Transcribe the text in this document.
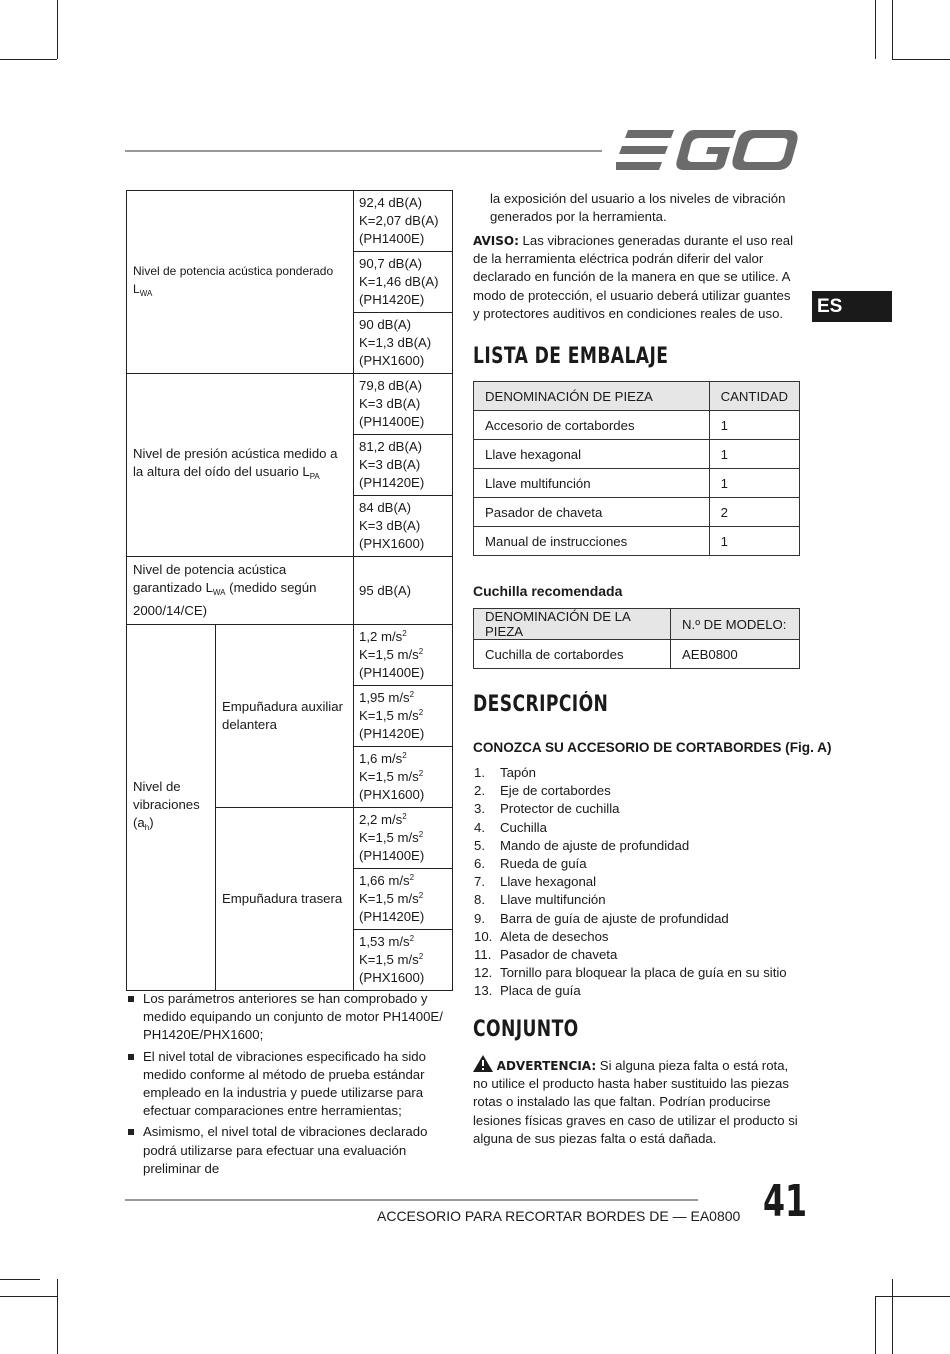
ES
Nivel de potencia acústica ponderado $L_{WA}$		92,4 dB(A)
K=2,07 dB(A)
(PH1400E)

		90,7 dB(A)
K=1,46 dB(A)
(PH1420E)

		90 dB(A)
K=1,3 dB(A)
(PHX1600)

Nivel de presión acústica medido a la altura del oído del usuario $L_{PA}$		79,8 dB(A)
K=3 dB(A)
(PH1400E)

		81,2 dB(A)
K=3 dB(A)
(PH1420E)

		84 dB(A)
K=3 dB(A)
(PHX1600)

Nivel de potencia acústica garantizado $L_{WA}$ (medido según 2000/14/CE)		95 dB(A)
Nivel de vibraciones $(a_h)$	Empuñadura auxiliar delantera	1,2 $m/s^2$
K=1,5 $m/s^2$
(PH1400E)

		1,95 $m/s^2$
K=1,5 $m/s^2$
(PH1420E)

		1,6 $m/s^2$
K=1,5 $m/s^2$
(PHX1600)

	Empuñadura trasera	2,2 $m/s^2$
K=1,5 $m/s^2$
(PH1400E)

		1,66 $m/s^2$
K=1,5 $m/s^2$
(PH1420E)

		1,53 $m/s^2$
K=1,5 $m/s^2$
(PHX1600)
Los parámetros anteriores se han comprobado y medido equipando un conjunto de motor PH1400E/ PH1420E/PHX1600;
El nivel total de vibraciones especificado ha sido medido conforme al método de prueba estándar empleado en la industria y puede utilizarse para efectuar comparaciones entre herramientas;
Asimismo, el nivel total de vibraciones declarado podrá utilizarse para efectuar una evaluación preliminar de
la exposición del usuario a los niveles de vibración generados por la herramienta.
AVISO: Las vibraciones generadas durante el uso real de la herramienta eléctrica podrán diferir del valor declarado en función de la manera en que se utilice. A modo de protección, el usuario deberá utilizar guantes y protectores auditivos en condiciones reales de uso.
LISTA DE EMBALAJE
DENOMINACIÓN DE PIEZA	CANTIDAD
Accesorio de cortabordes	1
Llave hexagonal	1
Llave multifunción	1
Pasador de chaveta	2
Manual de instrucciones	1
Cuchilla recomendada
DENOMINACIÓN DE LA PIEZA	N.º DE MODELO:
Cuchilla de cortabordes	AEB0800
DESCRIPCIÓN
CONOZCA SU ACCESORIO DE CORTABORDES (Fig. A)
1.	Tapón
2.	Eje de cortabordes
3.	Protector de cuchilla
4.	Cuchilla
5.	Mando de ajuste de profundidad
6.	Rueda de guía
7.	Llave hexagonal
8.	Llave multifunción
9.	Barra de guía de ajuste de profundidad
10. Aleta de desechos
11. Pasador de chaveta
12. Tornillo para bloquear la placa de guía en su sitio
13. Placa de guía
CONJUNTO
ADVERTENCIA: Si alguna pieza falta o está rota, no utilice el producto hasta haber sustituido las piezas rotas o instalado las que faltan. Podrían producirse lesiones físicas graves en caso de utilizar el producto si alguna de sus piezas falta o está dañada.
ACCESORIO PARA RECORTAR BORDES DE — EA0800 41
